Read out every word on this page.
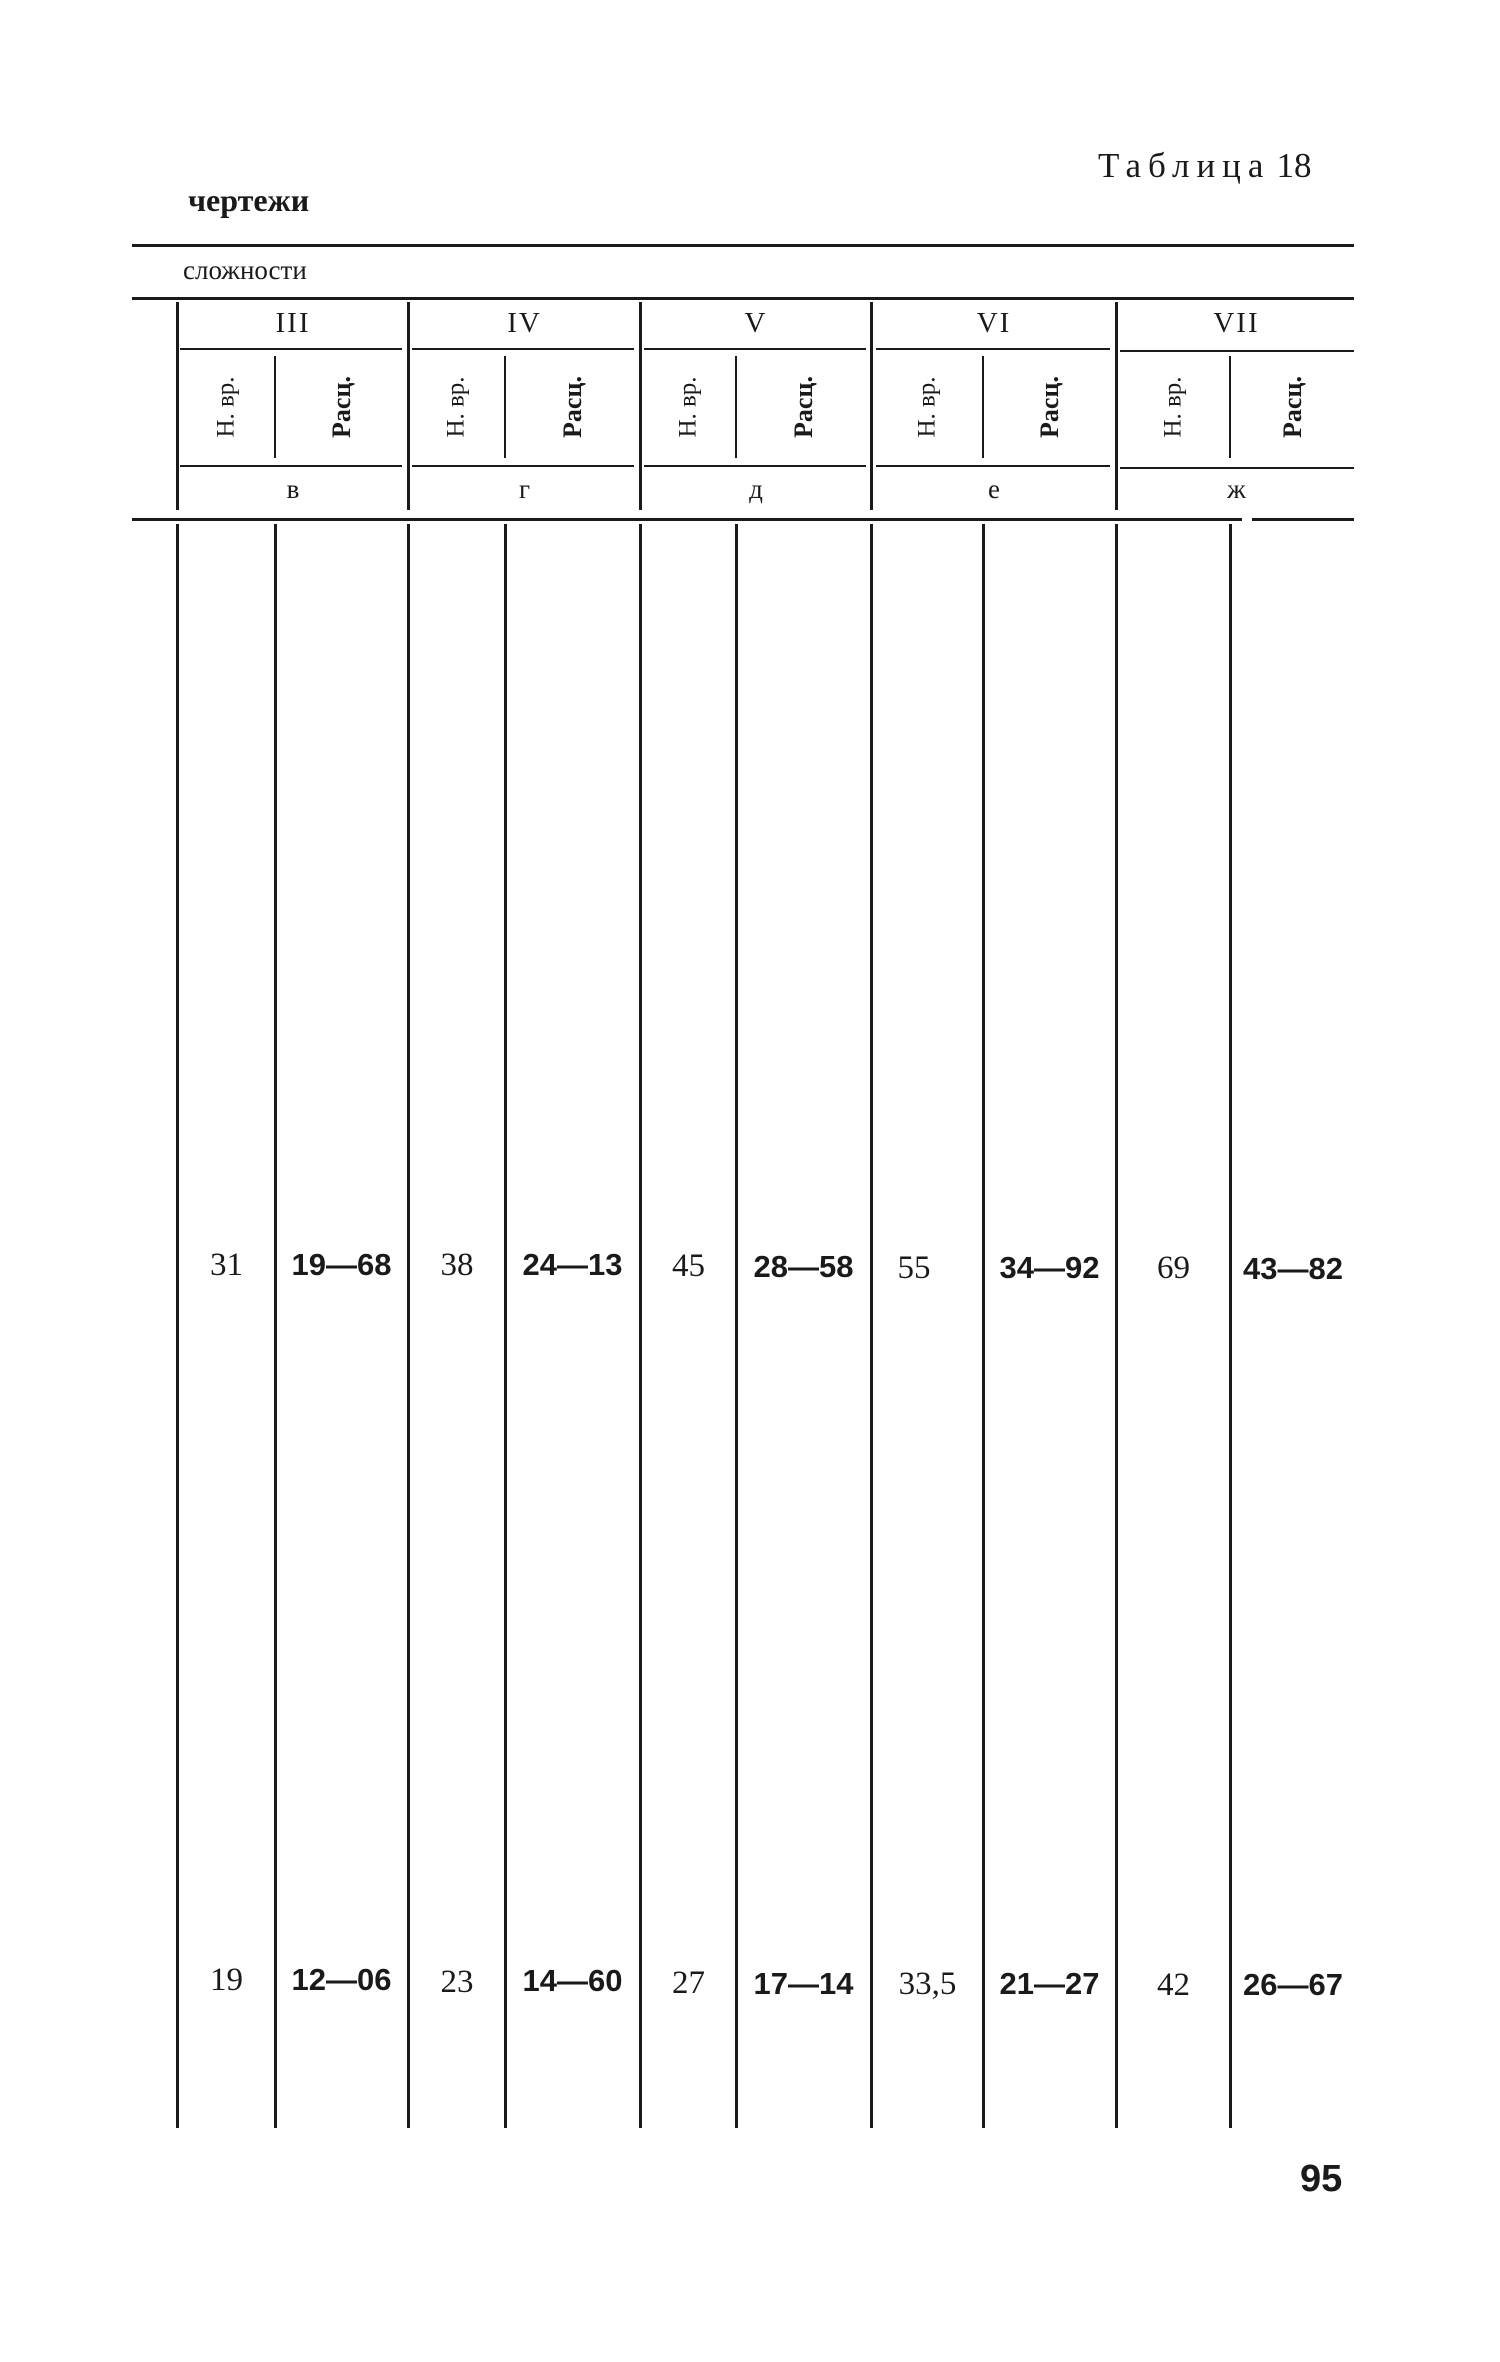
Таблица 18
чертежи
сложности
III	IV	V	VI	VII
Н. вр.	Расц.	Н. вр.	Расц.	Н. вр.	Расц.	Н. вр.	Расц.	Н. вр.	Расц.
в	г	д	е	ж
31	19—68	38	24—13	45	28—58	55	34—92	69	43—82
19	12—06	23	14—60	27	17—14	33,5	21—27	42	26—67
95
